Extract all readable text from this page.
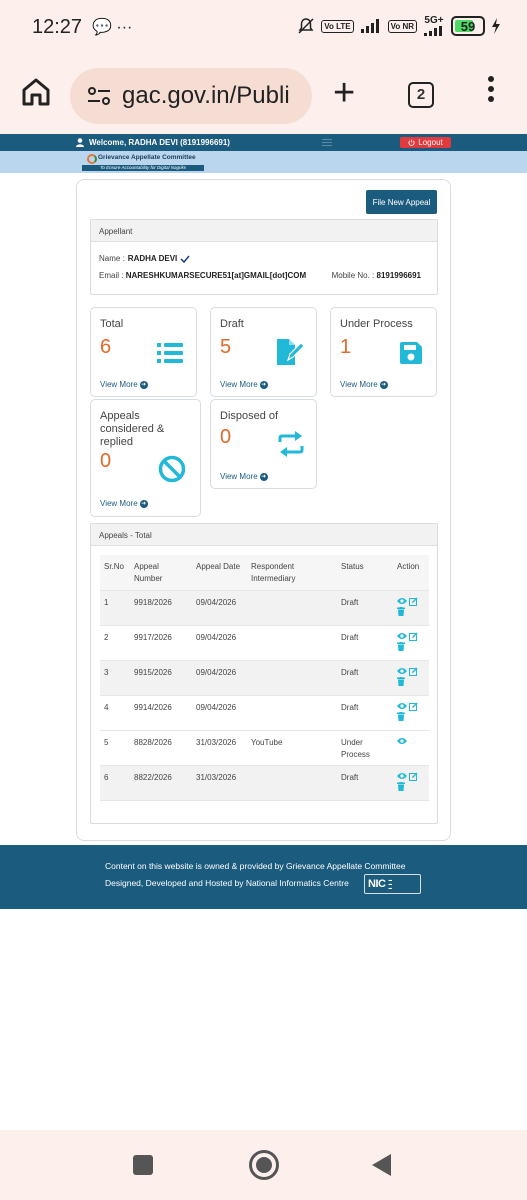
12:27 💬 ···	Vo LTE	Vo NR	5G+ 59
gac.gov.in/Publi	+	2
Welcome, RADHA DEVI (8191996691)	Logout
Grievance Appellate Committee
To Ensure Accountability for Digital Nagriks
File New Appeal
Appellant
Name : RADHA DEVI
Email : NARESHKUMARSECURE51[at]GMAIL[dot]COM	Mobile No. : 8191996691
Total
6
View More ➜
Draft
5
View More ➜
Under Process
1
View More ➜
Appeals considered & replied
0
View More ➜
Disposed of
0
View More ➜
Appeals - Total
Sr.No	Appeal Number	Appeal Date	Respondent Intermediary	Status	Action
1	9918/2026	09/04/2026		Draft	

2	9917/2026	09/04/2026		Draft	

3	9915/2026	09/04/2026		Draft	

4	9914/2026	09/04/2026		Draft	

5	8828/2026	31/03/2026	YouTube	Under Process	

6	8822/2026	31/03/2026		Draft	
Content on this website is owned & provided by Grievance Appellate Committee
Designed, Developed and Hosted by National Informatics Centre NIC ▬
▬
▬
